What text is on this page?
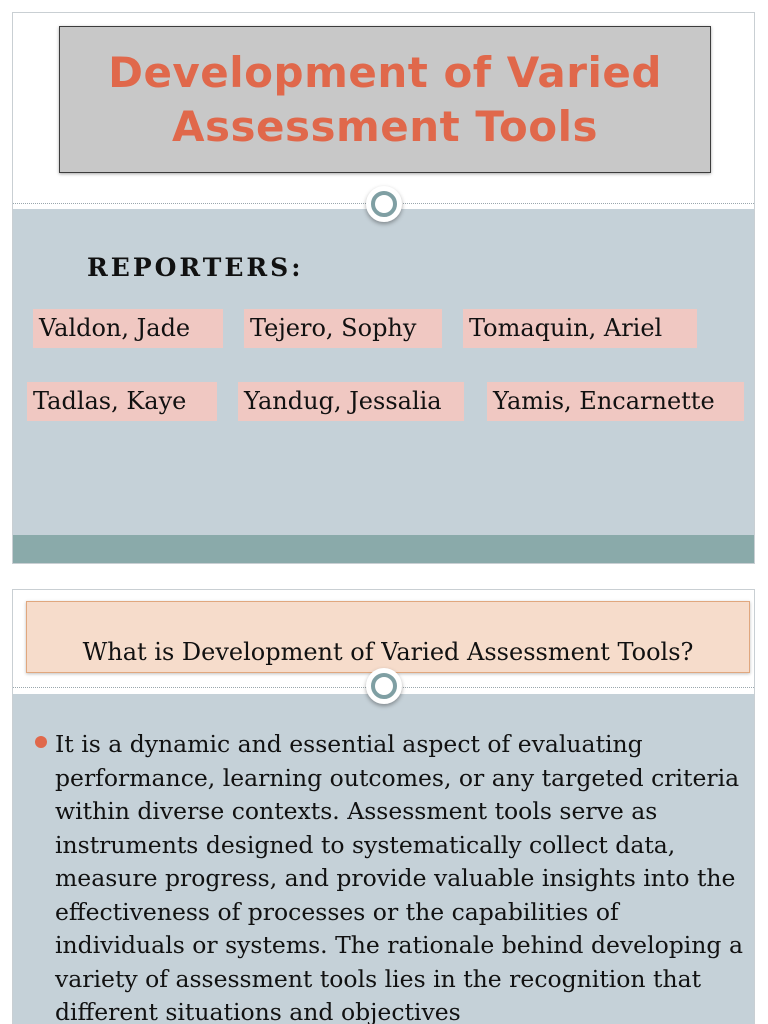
Development of Varied
Assessment Tools
REPORTERS:
Valdon, Jade	Tejero, Sophy	Tomaquin, Ariel
Tadlas, Kaye	Yandug, Jessalia	Yamis, Encarnette
What is Development of Varied Assessment Tools?
It is a dynamic and essential aspect of evaluating performance, learning outcomes, or any targeted criteria within diverse contexts. Assessment tools serve as instruments designed to systematically collect data, measure progress, and provide valuable insights into the effectiveness of processes or the capabilities of individuals or systems. The rationale behind developing a variety of assessment tools lies in the recognition that different situations and objectives
